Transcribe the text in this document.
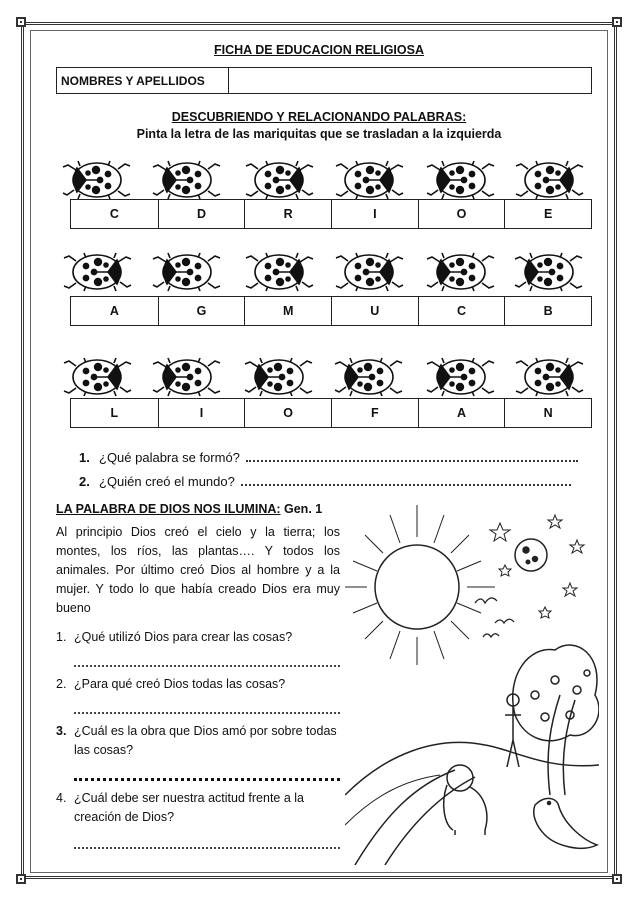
FICHA DE EDUCACION RELIGIOSA
NOMBRES Y APELLIDOS
DESCUBRIENDO Y RELACIONANDO PALABRAS:
Pinta la letra de las mariquitas que se trasladan a la izquierda
C	D	R	I	O	E
A	G	M	U	C	B
L	I	O	F	A	N
1. ¿Qué palabra se formó?
2. ¿Quién creó el mundo?
LA PALABRA DE DIOS NOS ILUMINA: Gen. 1

Al principio Dios creó el cielo y la tierra; los montes, los ríos, las plantas…. Y todos los animales. Por último creó Dios al hombre y a la mujer. Y todo lo que había creado Dios era muy bueno

1. ¿Qué utilizó Dios para crear las cosas?
2. ¿Para qué creó Dios todas las cosas?
3. ¿Cuál es la obra que Dios amó por sobre todas las cosas?
4. ¿Cuál debe ser nuestra actitud frente a la creación de Dios?
